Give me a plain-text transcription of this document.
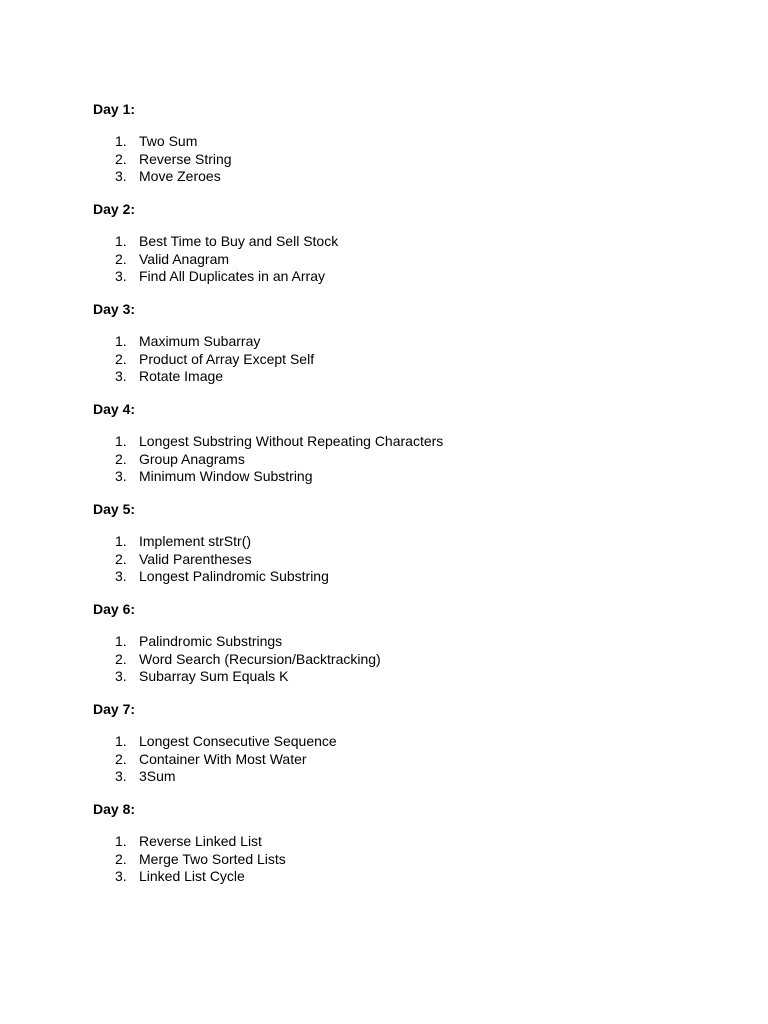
Day 1:
1. Two Sum
2. Reverse String
3. Move Zeroes
Day 2:
1. Best Time to Buy and Sell Stock
2. Valid Anagram
3. Find All Duplicates in an Array
Day 3:
1. Maximum Subarray
2. Product of Array Except Self
3. Rotate Image
Day 4:
1. Longest Substring Without Repeating Characters
2. Group Anagrams
3. Minimum Window Substring
Day 5:
1. Implement strStr()
2. Valid Parentheses
3. Longest Palindromic Substring
Day 6:
1. Palindromic Substrings
2. Word Search (Recursion/Backtracking)
3. Subarray Sum Equals K
Day 7:
1. Longest Consecutive Sequence
2. Container With Most Water
3. 3Sum
Day 8:
1. Reverse Linked List
2. Merge Two Sorted Lists
3. Linked List Cycle
